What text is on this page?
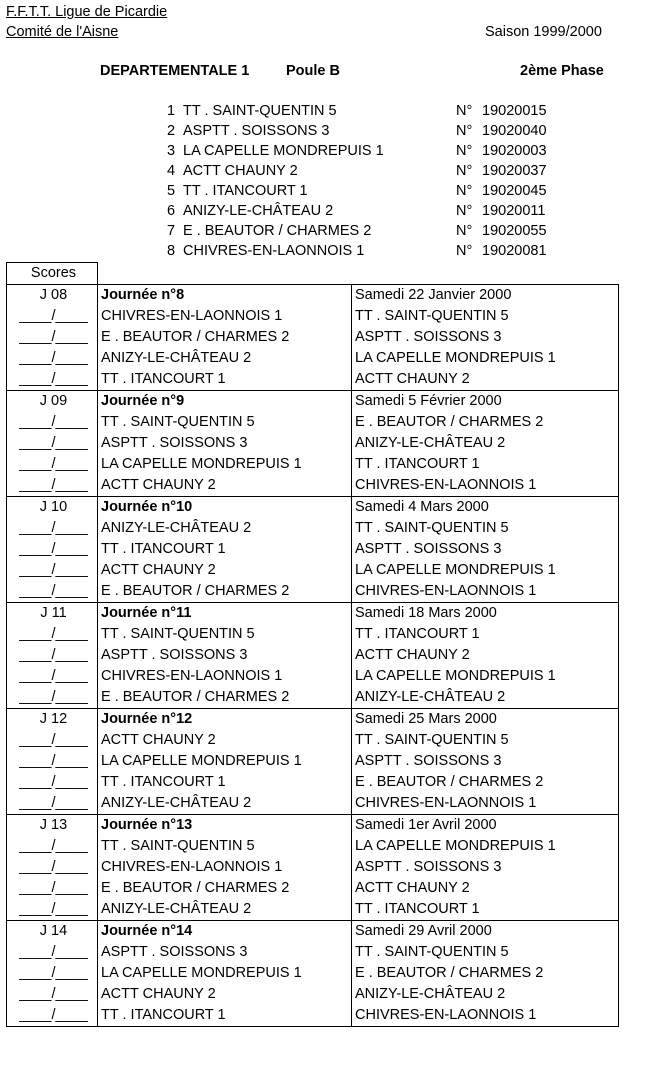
F.F.T.T. Ligue de Picardie
Comité de l'Aisne	Saison 1999/2000
DEPARTEMENTALE 1	Poule B	2ème Phase
1 TT . SAINT-QUENTIN 5	N° 19020015
2 ASPTT . SOISSONS 3	N° 19020040
3 LA CAPELLE MONDREPUIS 1	N° 19020003
4 ACTT CHAUNY 2	N° 19020037
5 TT . ITANCOURT 1	N° 19020045
6 ANIZY-LE-CHÂTEAU 2	N° 19020011
7 E . BEAUTOR / CHARMES 2	N° 19020055
8 CHIVRES-EN-LAONNOIS 1	N° 19020081
Scores		
J 08	Journée n°8	Samedi 22 Janvier 2000
____/____	CHIVRES-EN-LAONNOIS 1	TT . SAINT-QUENTIN 5
____/____	E . BEAUTOR / CHARMES 2	ASPTT . SOISSONS 3
____/____	ANIZY-LE-CHÂTEAU 2	LA CAPELLE MONDREPUIS 1
____/____	TT . ITANCOURT 1	ACTT CHAUNY 2
J 09	Journée n°9	Samedi 5 Février 2000
____/____	TT . SAINT-QUENTIN 5	E . BEAUTOR / CHARMES 2
____/____	ASPTT . SOISSONS 3	ANIZY-LE-CHÂTEAU 2
____/____	LA CAPELLE MONDREPUIS 1	TT . ITANCOURT 1
____/____	ACTT CHAUNY 2	CHIVRES-EN-LAONNOIS 1
J 10	Journée n°10	Samedi 4 Mars 2000
____/____	ANIZY-LE-CHÂTEAU 2	TT . SAINT-QUENTIN 5
____/____	TT . ITANCOURT 1	ASPTT . SOISSONS 3
____/____	ACTT CHAUNY 2	LA CAPELLE MONDREPUIS 1
____/____	E . BEAUTOR / CHARMES 2	CHIVRES-EN-LAONNOIS 1
J 11	Journée n°11	Samedi 18 Mars 2000
____/____	TT . SAINT-QUENTIN 5	TT . ITANCOURT 1
____/____	ASPTT . SOISSONS 3	ACTT CHAUNY 2
____/____	CHIVRES-EN-LAONNOIS 1	LA CAPELLE MONDREPUIS 1
____/____	E . BEAUTOR / CHARMES 2	ANIZY-LE-CHÂTEAU 2
J 12	Journée n°12	Samedi 25 Mars 2000
____/____	ACTT CHAUNY 2	TT . SAINT-QUENTIN 5
____/____	LA CAPELLE MONDREPUIS 1	ASPTT . SOISSONS 3
____/____	TT . ITANCOURT 1	E . BEAUTOR / CHARMES 2
____/____	ANIZY-LE-CHÂTEAU 2	CHIVRES-EN-LAONNOIS 1
J 13	Journée n°13	Samedi 1er Avril 2000
____/____	TT . SAINT-QUENTIN 5	LA CAPELLE MONDREPUIS 1
____/____	CHIVRES-EN-LAONNOIS 1	ASPTT . SOISSONS 3
____/____	E . BEAUTOR / CHARMES 2	ACTT CHAUNY 2
____/____	ANIZY-LE-CHÂTEAU 2	TT . ITANCOURT 1
J 14	Journée n°14	Samedi 29 Avril 2000
____/____	ASPTT . SOISSONS 3	TT . SAINT-QUENTIN 5
____/____	LA CAPELLE MONDREPUIS 1	E . BEAUTOR / CHARMES 2
____/____	ACTT CHAUNY 2	ANIZY-LE-CHÂTEAU 2
____/____	TT . ITANCOURT 1	CHIVRES-EN-LAONNOIS 1
